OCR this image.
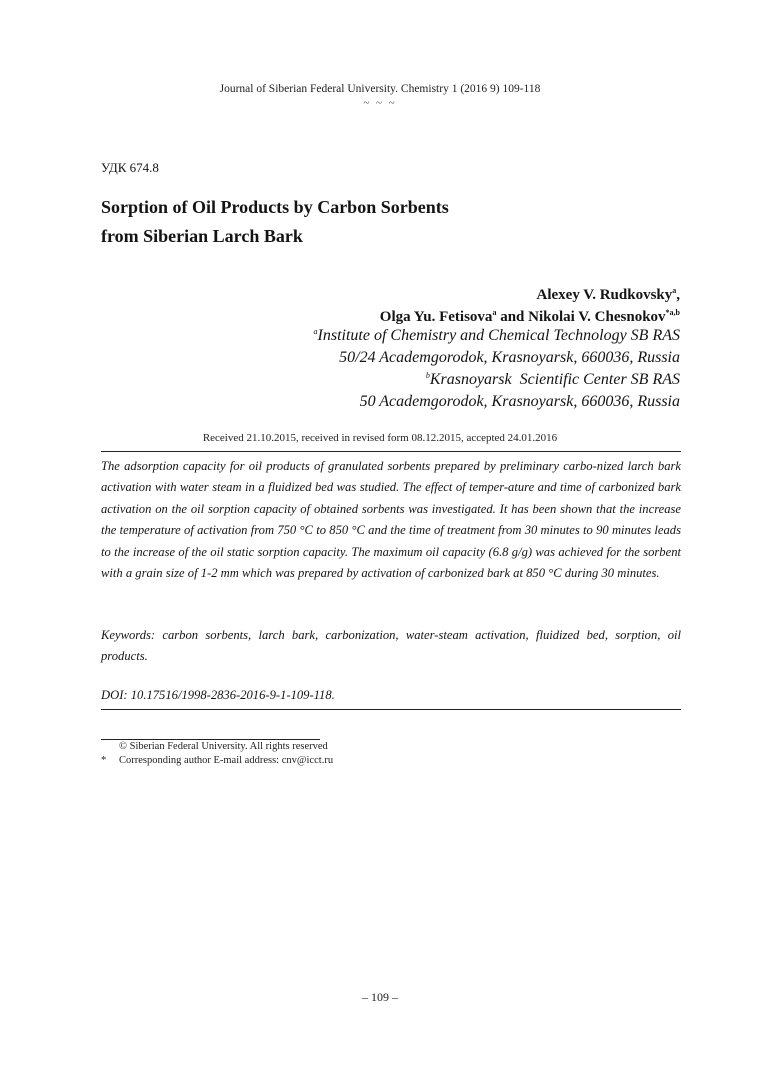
Journal of Siberian Federal University. Chemistry 1 (2016 9) 109-118
~ ~ ~
УДК 674.8
Sorption of Oil Products by Carbon Sorbents
from Siberian Larch Bark
Alexey V. Rudkovsky$^a$,
Olga Yu. Fetisova$^a$ and Nikolai V. Chesnokov$^{*a,b}$
$^a$Institute of Chemistry and Chemical Technology SB RAS
50/24 Academgorodok, Krasnoyarsk, 660036, Russia
$^b$Krasnoyarsk  Scientific Center SB RAS
50 Academgorodok, Krasnoyarsk, 660036, Russia
Received 21.10.2015, received in revised form 08.12.2015, accepted 24.01.2016
The adsorption capacity for oil products of granulated sorbents prepared by preliminary carbo-nized larch bark activation with water steam in a fluidized bed was studied. The effect of temper-ature and time of carbonized bark activation on the oil sorption capacity of obtained sorbents was investigated. It has been shown that the increase the temperature of activation from 750 °C to 850 °C and the time of treatment from 30 minutes to 90 minutes leads to the increase of the oil static sorption capacity. The maximum oil capacity (6.8 g/g) was achieved for the sorbent with a grain size of 1-2 mm which was prepared by activation of carbonized bark at 850 °C during 30 minutes.
Keywords: carbon sorbents, larch bark, carbonization, water-steam activation, fluidized bed, sorption, oil products.
DOI: 10.17516/1998-2836-2016-9-1-109-118.
© Siberian Federal University. All rights reserved
* Corresponding author E-mail address: cnv@icct.ru
– 109 –
